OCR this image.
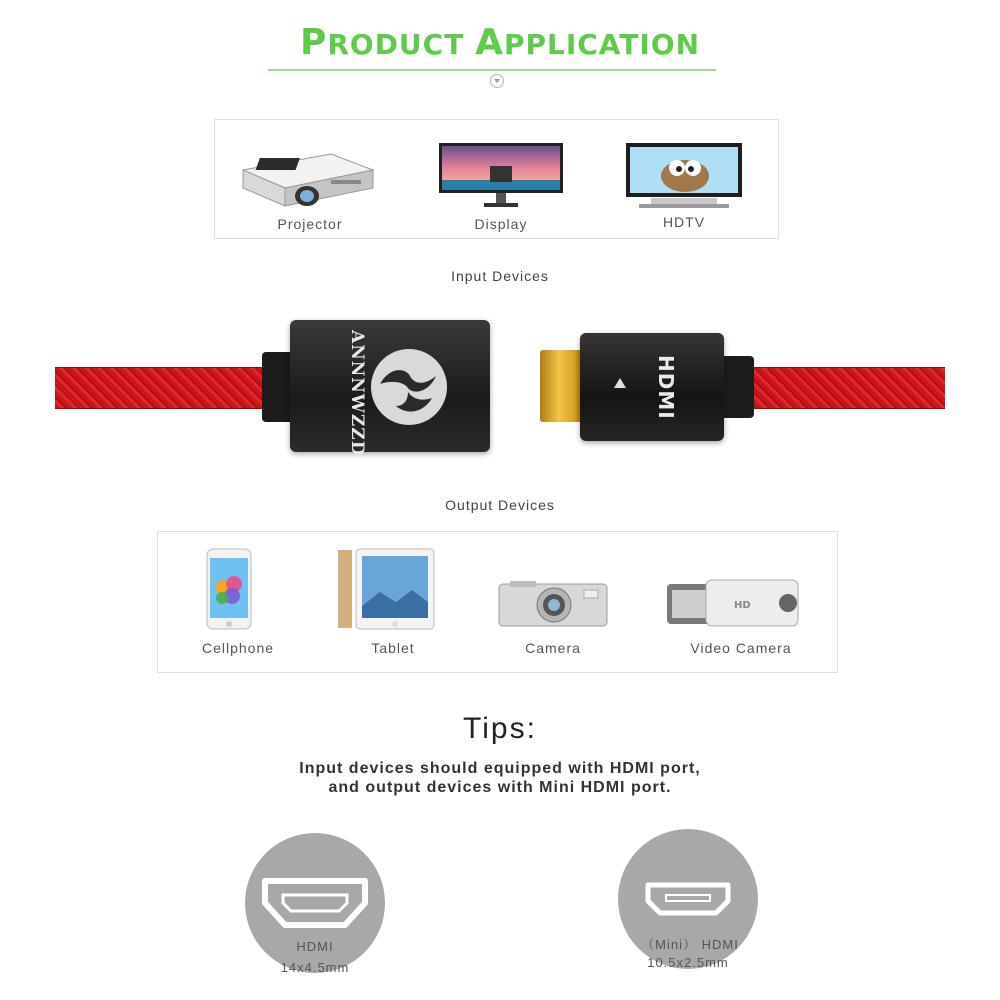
PRODUCT APPLICATION
Projector	Display	HDTV
Input Devices
ANNNWZZD	HDMI
Output Devices
Cellphone	Tablet	Camera
HD
Video Camera
Tips:
Input devices should equipped with HDMI port,
and output devices with Mini HDMI port.
HDMI
14x4.5mm
（Mini） HDMI
10.5x2.5mm
